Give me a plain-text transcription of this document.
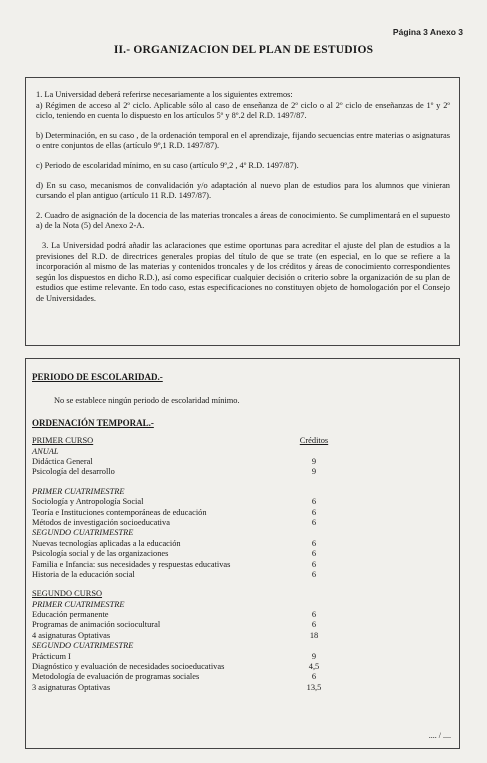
Página 3 Anexo 3
II.- ORGANIZACION DEL PLAN DE ESTUDIOS

1. La Universidad deberá referirse necesariamente a los siguientes extremos:

a) Régimen de acceso al 2º ciclo. Aplicable sólo al caso de enseñanza de 2º ciclo o al 2º ciclo de enseñanzas de 1º y 2º ciclo, teniendo en cuenta lo dispuesto en los artículos 5º y 8º.2 del R.D. 1497/87.

b) Determinación, en su caso , de la ordenación temporal en el aprendizaje, fijando secuencias entre materias o asignaturas o entre conjuntos de ellas (artículo 9º,1 R.D. 1497/87).

c) Periodo de escolaridad mínimo, en su caso (artículo 9º,2 , 4º R.D. 1497/87).

d) En su caso, mecanismos de convalidación y/o adaptación al nuevo plan de estudios para los alumnos que vinieran cursando el plan antiguo (artículo 11 R.D. 1497/87).

2. Cuadro de asignación de la docencia de las materias troncales a áreas de conocimiento. Se cumplimentará en el supuesto a) de la Nota (5) del Anexo 2-A.

3. La Universidad podrá añadir las aclaraciones que estime oportunas para acreditar el ajuste del plan de estudios a la previsiones del R.D. de directrices generales propias del título de que se trate (en especial, en lo que se refiere a la incorporación al mismo de las materias y contenidos troncales y de los créditos y áreas de conocimiento correspondientes según los dispuestos en dicho R.D.), así como especificar cualquier decisión o criterio sobre la organización de su plan de estudios que estime relevante. En todo caso, estas especificaciones no constituyen objeto de homologación por el Consejo de Universidades.

PERIODO DE ESCOLARIDAD.-

No se establece ningún periodo de escolaridad mínimo.

ORDENACIÓN TEMPORAL.-

PRIMER CURSO	Créditos
ANUAL
Didáctica General	9
Psicología del desarrollo	9
PRIMER CUATRIMESTRE
Sociología y Antropología Social	6
Teoría e Instituciones contemporáneas de educación	6
Métodos de investigación socioeducativa	6
SEGUNDO CUATRIMESTRE
Nuevas tecnologías aplicadas a la educación	6
Psicología social y de las organizaciones	6
Familia e Infancia: sus necesidades y respuestas educativas	6
Historia de la educación social	6
SEGUNDO CURSO
PRIMER CUATRIMESTRE
Educación permanente	6
Programas de animación sociocultural	6
4 asignaturas Optativas	18
SEGUNDO CUATRIMESTRE
Prácticum I	9
Diagnóstico y evaluación de necesidades socioeducativas	4,5
Metodología de evaluación de programas sociales	6
3 asignaturas Optativas	13,5
.... / ....
